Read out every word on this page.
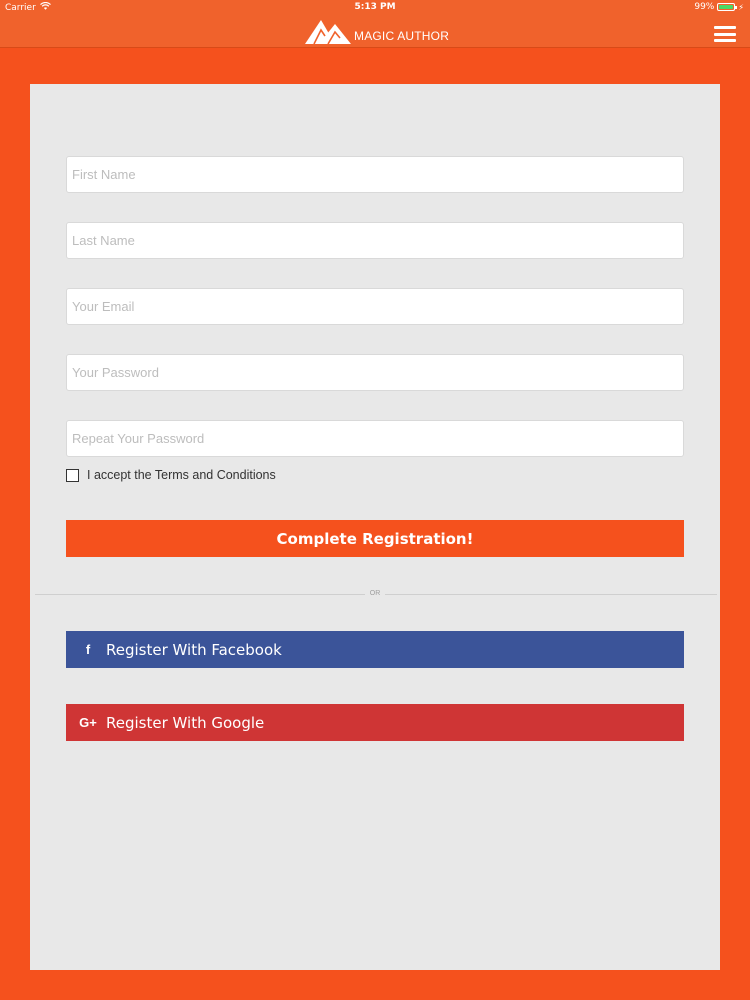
Carrier	5:13 PM	99%	⚡
MAGIC AUTHOR
First Name
Last Name
Your Email
I accept the Terms and Conditions
Complete Registration!
OR
f	Register With Facebook
G+ Register With Google
